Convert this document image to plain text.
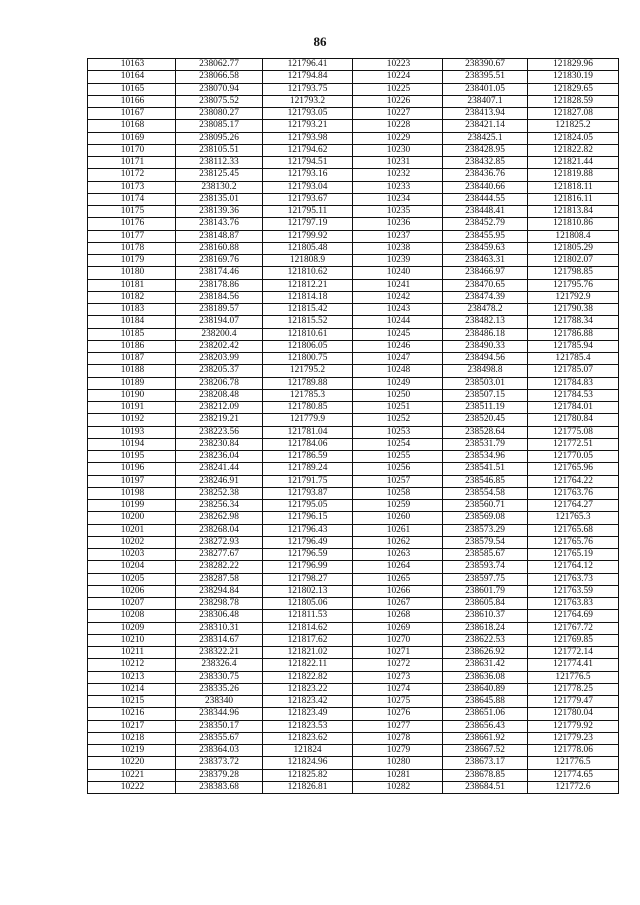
86
10163	238062.77	121796.41	10223	238390.67	121829.96
10164	238066.58	121794.84	10224	238395.51	121830.19
10165	238070.94	121793.75	10225	238401.05	121829.65
10166	238075.52	121793.2	10226	238407.1	121828.59
10167	238080.27	121793.05	10227	238413.94	121827.08
10168	238085.17	121793.21	10228	238421.14	121825.2
10169	238095.26	121793.98	10229	238425.1	121824.05
10170	238105.51	121794.62	10230	238428.95	121822.82
10171	238112.33	121794.51	10231	238432.85	121821.44
10172	238125.45	121793.16	10232	238436.76	121819.88
10173	238130.2	121793.04	10233	238440.66	121818.11
10174	238135.01	121793.67	10234	238444.55	121816.11
10175	238139.36	121795.11	10235	238448.41	121813.84
10176	238143.76	121797.19	10236	238452.79	121810.86
10177	238148.87	121799.92	10237	238455.95	121808.4
10178	238160.88	121805.48	10238	238459.63	121805.29
10179	238169.76	121808.9	10239	238463.31	121802.07
10180	238174.46	121810.62	10240	238466.97	121798.85
10181	238178.86	121812.21	10241	238470.65	121795.76
10182	238184.56	121814.18	10242	238474.39	121792.9
10183	238189.57	121815.42	10243	238478.2	121790.38
10184	238194.07	121815.52	10244	238482.13	121788.34
10185	238200.4	121810.61	10245	238486.18	121786.88
10186	238202.42	121806.05	10246	238490.33	121785.94
10187	238203.99	121800.75	10247	238494.56	121785.4
10188	238205.37	121795.2	10248	238498.8	121785.07
10189	238206.78	121789.88	10249	238503.01	121784.83
10190	238208.48	121785.3	10250	238507.15	121784.53
10191	238212.09	121780.85	10251	238511.19	121784.01
10192	238219.21	121779.9	10252	238520.45	121780.84
10193	238223.56	121781.04	10253	238528.64	121775.08
10194	238230.84	121784.06	10254	238531.79	121772.51
10195	238236.04	121786.59	10255	238534.96	121770.05
10196	238241.44	121789.24	10256	238541.51	121765.96
10197	238246.91	121791.75	10257	238546.85	121764.22
10198	238252.38	121793.87	10258	238554.58	121763.76
10199	238256.34	121795.05	10259	238560.71	121764.27
10200	238262.98	121796.15	10260	238569.08	121765.3
10201	238268.04	121796.43	10261	238573.29	121765.68
10202	238272.93	121796.49	10262	238579.54	121765.76
10203	238277.67	121796.59	10263	238585.67	121765.19
10204	238282.22	121796.99	10264	238593.74	121764.12
10205	238287.58	121798.27	10265	238597.75	121763.73
10206	238294.84	121802.13	10266	238601.79	121763.59
10207	238298.78	121805.06	10267	238605.84	121763.83
10208	238306.48	121811.53	10268	238610.37	121764.69
10209	238310.31	121814.62	10269	238618.24	121767.72
10210	238314.67	121817.62	10270	238622.53	121769.85
10211	238322.21	121821.02	10271	238626.92	121772.14
10212	238326.4	121822.11	10272	238631.42	121774.41
10213	238330.75	121822.82	10273	238636.08	121776.5
10214	238335.26	121823.22	10274	238640.89	121778.25
10215	238340	121823.42	10275	238645.88	121779.47
10216	238344.96	121823.49	10276	238651.06	121780.04
10217	238350.17	121823.53	10277	238656.43	121779.92
10218	238355.67	121823.62	10278	238661.92	121779.23
10219	238364.03	121824	10279	238667.52	121778.06
10220	238373.72	121824.96	10280	238673.17	121776.5
10221	238379.28	121825.82	10281	238678.85	121774.65
10222	238383.68	121826.81	10282	238684.51	121772.6
